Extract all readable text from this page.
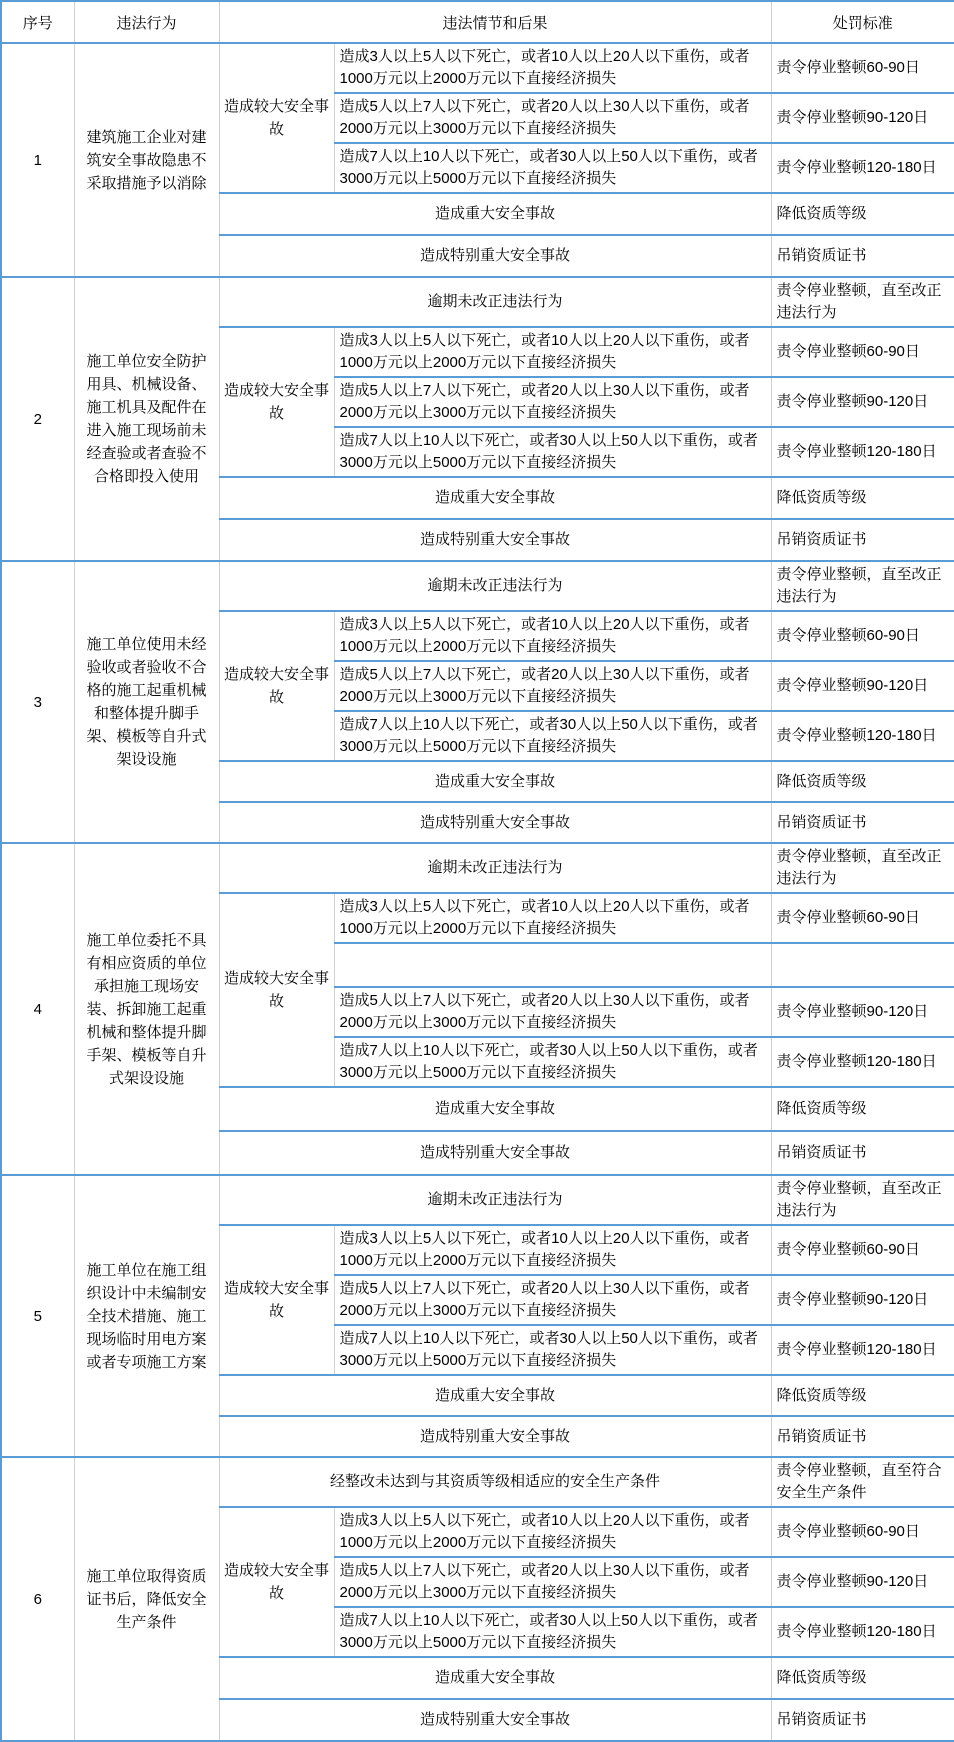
序号	违法行为	违法情节和后果		处罚标准
1	建筑施工企业对建筑安全事故隐患不采取措施予以消除	造成较大安全事故	造成3人以上5人以下死亡，或者10人以上20人以下重伤，或者1000万元以上2000万元以下直接经济损失	责令停业整顿60-90日
			造成5人以上7人以下死亡，或者20人以上30人以下重伤，或者2000万元以上3000万元以下直接经济损失	责令停业整顿90-120日
			造成7人以上10人以下死亡，或者30人以上50人以下重伤，或者3000万元以上5000万元以下直接经济损失	责令停业整顿120-180日
		造成重大安全事故		降低资质等级
		造成特别重大安全事故		吊销资质证书
2	施工单位安全防护用具、机械设备、施工机具及配件在进入施工现场前未经查验或者查验不合格即投入使用	逾期未改正违法行为		责令停业整顿，直至改正违法行为
		造成较大安全事故	造成3人以上5人以下死亡，或者10人以上20人以下重伤，或者1000万元以上2000万元以下直接经济损失	责令停业整顿60-90日
			造成5人以上7人以下死亡，或者20人以上30人以下重伤，或者2000万元以上3000万元以下直接经济损失	责令停业整顿90-120日
			造成7人以上10人以下死亡，或者30人以上50人以下重伤，或者3000万元以上5000万元以下直接经济损失	责令停业整顿120-180日
		造成重大安全事故		降低资质等级
		造成特别重大安全事故		吊销资质证书
3	施工单位使用未经验收或者验收不合格的施工起重机械和整体提升脚手架、模板等自升式架设设施	逾期未改正违法行为		责令停业整顿，直至改正违法行为
		造成较大安全事故	造成3人以上5人以下死亡，或者10人以上20人以下重伤，或者1000万元以上2000万元以下直接经济损失	责令停业整顿60-90日
			造成5人以上7人以下死亡，或者20人以上30人以下重伤，或者2000万元以上3000万元以下直接经济损失	责令停业整顿90-120日
			造成7人以上10人以下死亡，或者30人以上50人以下重伤，或者3000万元以上5000万元以下直接经济损失	责令停业整顿120-180日
		造成重大安全事故		降低资质等级
		造成特别重大安全事故		吊销资质证书
4	施工单位委托不具有相应资质的单位承担施工现场安装、拆卸施工起重机械和整体提升脚手架、模板等自升式架设设施	逾期未改正违法行为		责令停业整顿，直至改正违法行为
		造成较大安全事故	造成3人以上5人以下死亡，或者10人以上20人以下重伤，或者1000万元以上2000万元以下直接经济损失	责令停业整顿60-90日

			造成5人以上7人以下死亡，或者20人以上30人以下重伤，或者2000万元以上3000万元以下直接经济损失	责令停业整顿90-120日
			造成7人以上10人以下死亡，或者30人以上50人以下重伤，或者3000万元以上5000万元以下直接经济损失	责令停业整顿120-180日
		造成重大安全事故		降低资质等级
		造成特别重大安全事故		吊销资质证书
5	施工单位在施工组织设计中未编制安全技术措施、施工现场临时用电方案或者专项施工方案	逾期未改正违法行为		责令停业整顿，直至改正违法行为
		造成较大安全事故	造成3人以上5人以下死亡，或者10人以上20人以下重伤，或者1000万元以上2000万元以下直接经济损失	责令停业整顿60-90日
			造成5人以上7人以下死亡，或者20人以上30人以下重伤，或者2000万元以上3000万元以下直接经济损失	责令停业整顿90-120日
			造成7人以上10人以下死亡，或者30人以上50人以下重伤，或者3000万元以上5000万元以下直接经济损失	责令停业整顿120-180日
		造成重大安全事故		降低资质等级
		造成特别重大安全事故		吊销资质证书
6	施工单位取得资质证书后，降低安全生产条件	经整改未达到与其资质等级相适应的安全生产条件		责令停业整顿，直至符合安全生产条件
		造成较大安全事故	造成3人以上5人以下死亡，或者10人以上20人以下重伤，或者1000万元以上2000万元以下直接经济损失	责令停业整顿60-90日
			造成5人以上7人以下死亡，或者20人以上30人以下重伤，或者2000万元以上3000万元以下直接经济损失	责令停业整顿90-120日
			造成7人以上10人以下死亡，或者30人以上50人以下重伤，或者3000万元以上5000万元以下直接经济损失	责令停业整顿120-180日
		造成重大安全事故		降低资质等级
		造成特别重大安全事故		吊销资质证书
